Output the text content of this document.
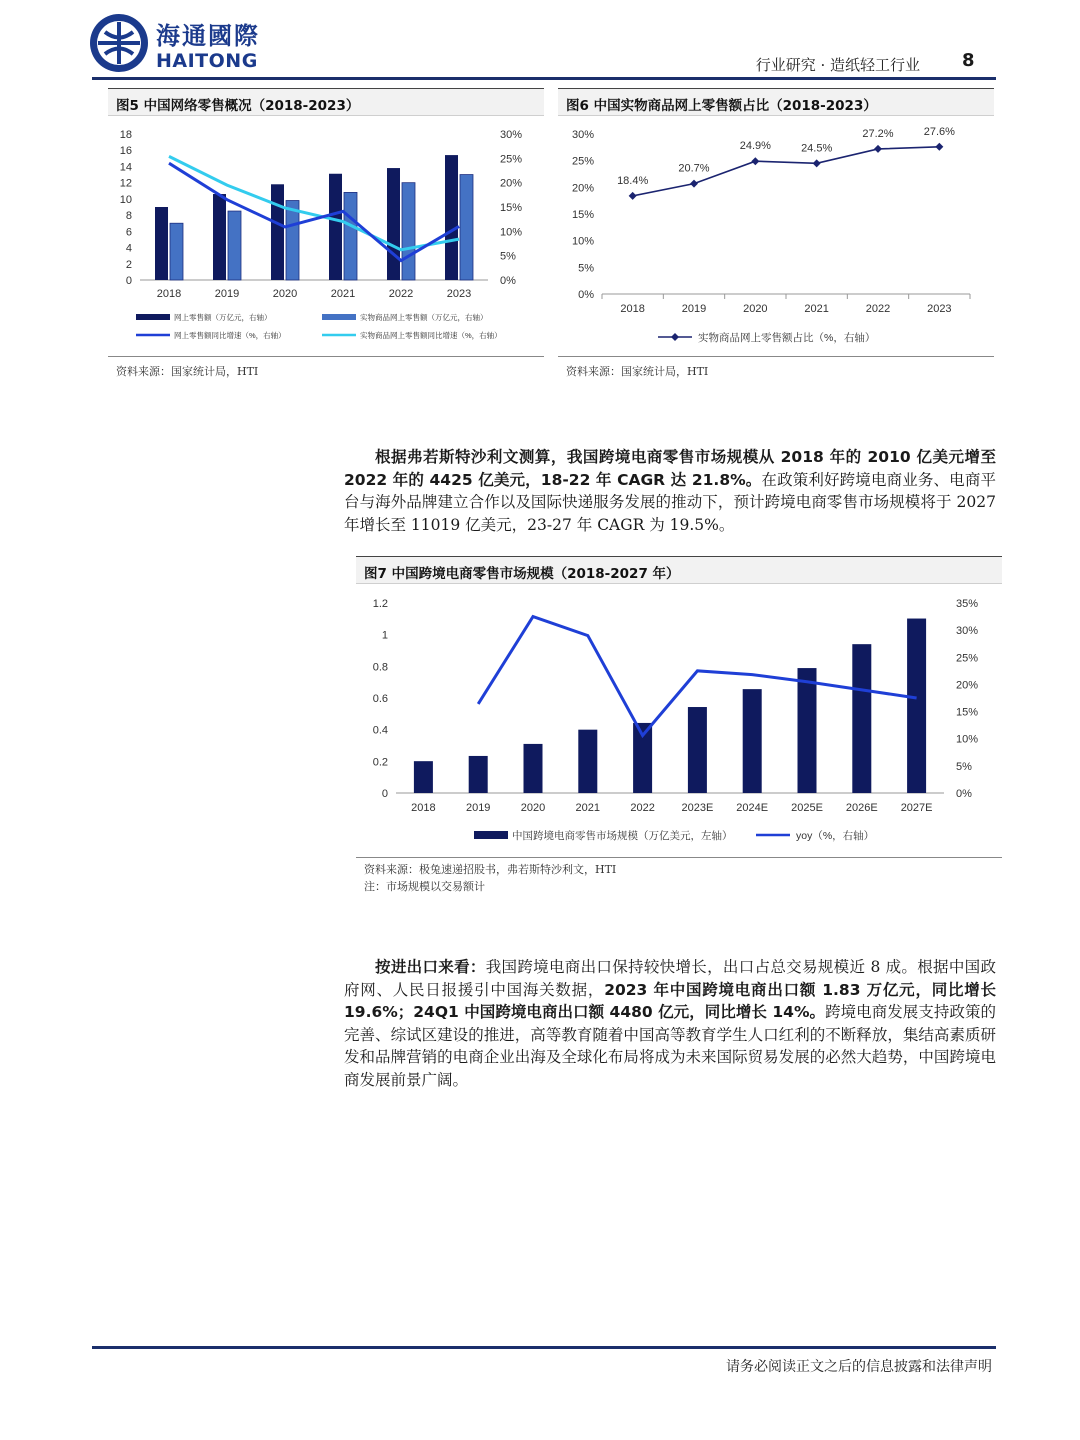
海通國際
HAITONG	行业研究 · 造纸轻工行业 8
图5 中国网络零售概况（2018-2023）
18
16
14
12
10
8
6
4
2
0
30%
25%
20%
15%
10%
5%
0%
2018	2019	2020	2021	2022	2023
网上零售额（万亿元，右轴）	实物商品网上零售额（万亿元，右轴）
网上零售额同比增速（%，右轴）	实物商品网上零售额同比增速（%，右轴）
资料来源：国家统计局，HTI
图6 中国实物商品网上零售额占比（2018-2023）
30%
25%
20%
15%
10%
5%
0%
18.4%
20.7%
24.9%	24.5%
27.2%	27.6%
2018	2019	2020	2021	2022	2023
实物商品网上零售额占比（%，右轴）
资料来源：国家统计局，HTI
根据弗若斯特沙利文测算，我国跨境电商零售市场规模从 2018 年的 2010 亿美元增至 2022 年的 4425 亿美元，18-22 年 CAGR 达 21.8%。在政策利好跨境电商业务、电商平台与海外品牌建立合作以及国际快递服务发展的推动下，预计跨境电商零售市场规模将于 2027 年增长至 11019 亿美元，23-27 年 CAGR 为 19.5%。
图7 中国跨境电商零售市场规模（2018-2027 年）
1.2
1
0.8
0.6
0.4
0.2
0
35%
30%
25%
20%
15%
10%
5%
0%
2018	2019	2020	2021	2022 2023E 2024E 2025E 2026E 2027E
中国跨境电商零售市场规模（万亿美元，左轴）	yoy（%，右轴）
资料来源：极兔速递招股书，弗若斯特沙利文，HTI
注：市场规模以交易额计
按进出口来看：我国跨境电商出口保持较快增长，出口占总交易规模近 8 成。根据中国政府网、人民日报援引中国海关数据，2023 年中国跨境电商出口额 1.83 万亿元，同比增长 19.6%；24Q1 中国跨境电商出口额 4480 亿元，同比增长 14%。跨境电商发展支持政策的完善、综试区建设的推进，高等教育随着中国高等教育学生人口红利的不断释放，集结高素质研发和品牌营销的电商企业出海及全球化布局将成为未来国际贸易发展的必然大趋势，中国跨境电商发展前景广阔。
请务必阅读正文之后的信息披露和法律声明
